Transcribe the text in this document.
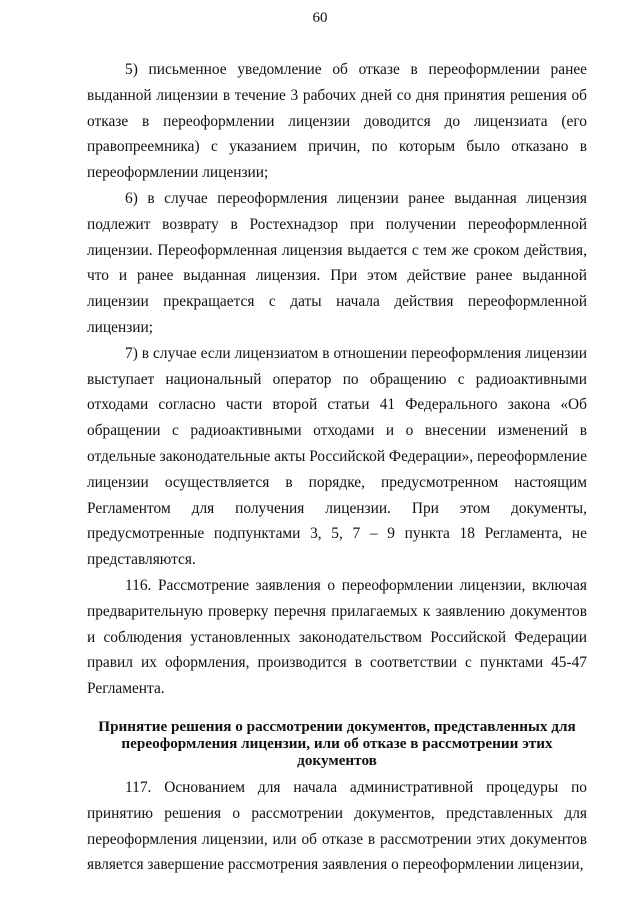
60

5) письменное уведомление об отказе в переоформлении ранее выданной лицензии в течение 3 рабочих дней со дня принятия решения об отказе в переоформлении лицензии доводится до лицензиата (его правопреемника) с указанием причин, по которым было отказано в переоформлении лицензии;

6) в случае переоформления лицензии ранее выданная лицензия подлежит возврату в Ростехнадзор при получении переоформленной лицензии. Переоформленная лицензия выдается с тем же сроком действия, что и ранее выданная лицензия. При этом действие ранее выданной лицензии прекращается с даты начала действия переоформленной лицензии;

7) в случае если лицензиатом в отношении переоформления лицензии выступает национальный оператор по обращению с радиоактивными отходами согласно части второй статьи 41 Федерального закона «Об обращении с радиоактивными отходами и о внесении изменений в отдельные законодательные акты Российской Федерации», переоформление лицензии осуществляется в порядке, предусмотренном настоящим Регламентом для получения лицензии. При этом документы, предусмотренные подпунктами 3, 5, 7 – 9 пункта 18 Регламента, не представляются.

116. Рассмотрение заявления о переоформлении лицензии, включая предварительную проверку перечня прилагаемых к заявлению документов и соблюдения установленных законодательством Российской Федерации правил их оформления, производится в соответствии с пунктами 45-47 Регламента.

Принятие решения о рассмотрении документов, представленных для переоформления лицензии, или об отказе в рассмотрении этих документов

117. Основанием для начала административной процедуры по принятию решения о рассмотрении документов, представленных для переоформления лицензии, или об отказе в рассмотрении этих документов является завершение рассмотрения заявления о переоформлении лицензии,
